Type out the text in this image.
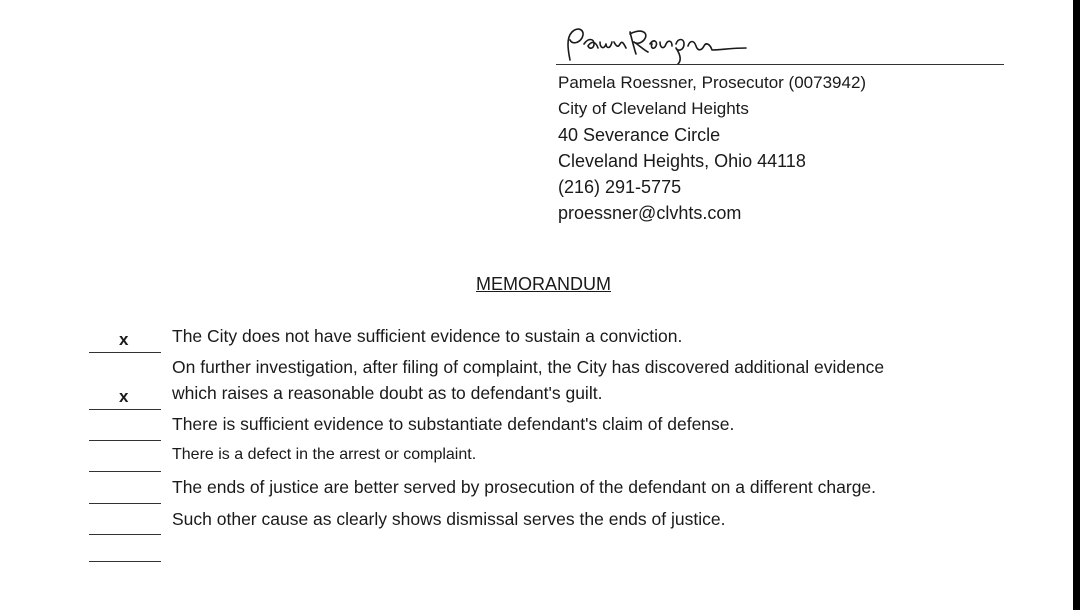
Pamela Roessner, Prosecutor (0073942)
City of Cleveland Heights
40 Severance Circle
Cleveland Heights, Ohio 44118
(216) 291-5775
proessner@clvhts.com
MEMORANDUM
x The City does not have sufficient evidence to sustain a conviction.
On further investigation, after filing of complaint, the City has discovered additional evidence
x which raises a reasonable doubt as to defendant's guilt.
There is sufficient evidence to substantiate defendant's claim of defense.
There is a defect in the arrest or complaint.
The ends of justice are better served by prosecution of the defendant on a different charge.
Such other cause as clearly shows dismissal serves the ends of justice.
